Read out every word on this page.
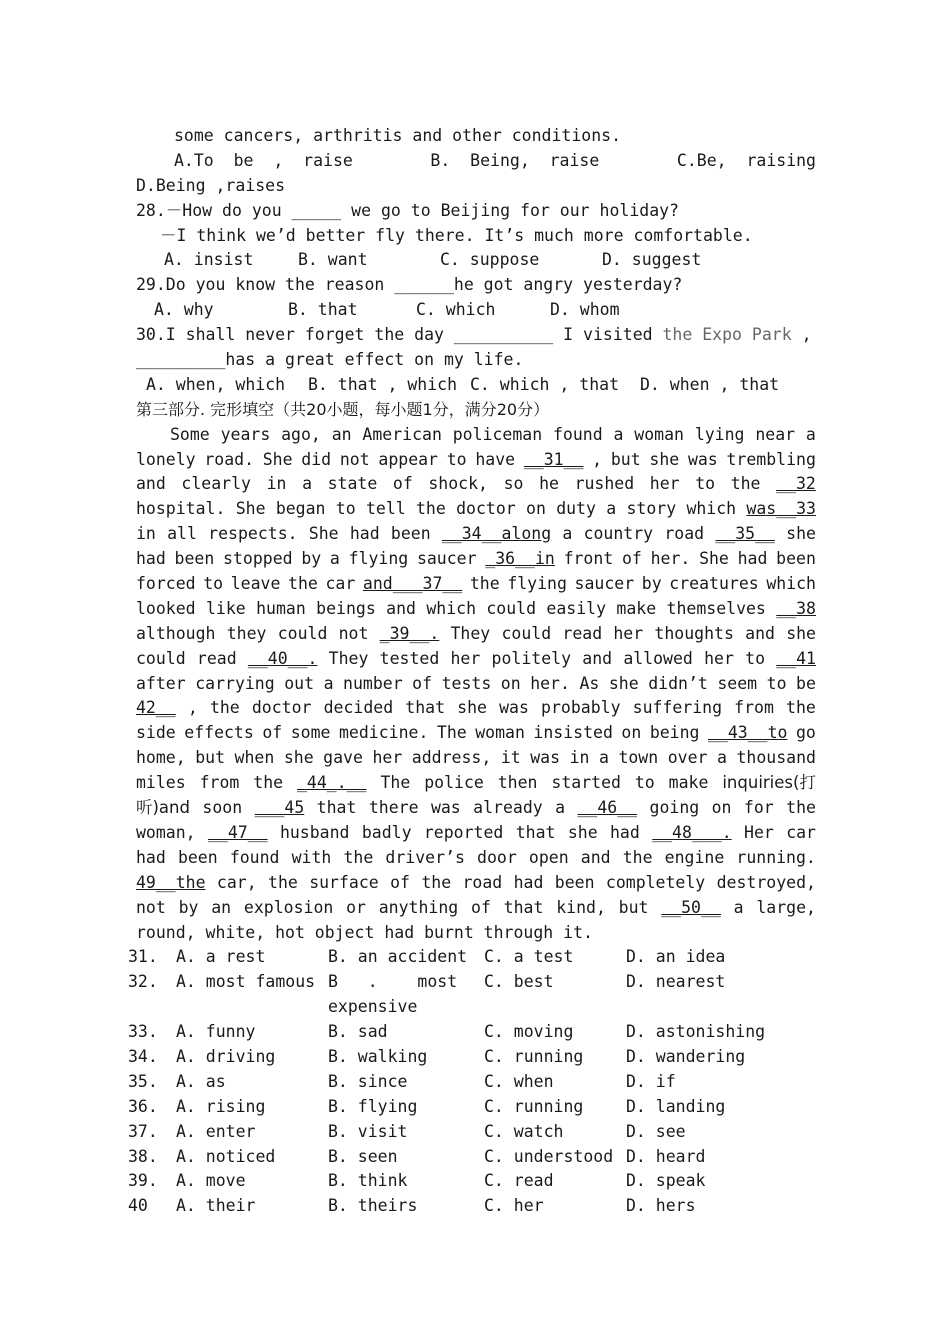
some cancers, arthritis and other conditions.
A.To  be  ,  raise	B.  Being,  raise	C.Be,  raising
D.Being ,raises
28.－How do you _____ we go to Beijing for our holiday?
－I think we’d better fly there. It’s much more comfortable.
A. insist	B. want	C. suppose	D. suggest
29.Do you know the reason ______he got angry yesterday?
A. why	B. that	C. which	D. whom
30.I shall never forget the day __________ I visited the Expo Park ,
_________has a great effect on my life.
A. when, which B. that , which C. which , that D. when , that
第三部分. 完形填空（共20小题，每小题1分，满分20分）
Some years ago, an American policeman found a woman lying near a
lonely road. She did not appear to have __31__ , but she was trembling
and clearly in a state of shock, so he rushed her to the __32
hospital. She began to tell the doctor on duty a story which was__33
in all respects. She had been __34__along a country road __35__ she
had been stopped by a flying saucer _36__in front of her. She had been
forced to leave the car and___37__ the flying saucer by creatures which
looked like human beings and which could easily make themselves __38
although they could not _39__. They could read her thoughts and she
could read __40__. They tested her politely and allowed her to __41
after carrying out a number of tests on her. As she didn’t seem to be
42__ , the doctor decided that she was probably suffering from the
side effects of some medicine. The woman insisted on being __43__to go
home, but when she gave her address, it was in a town over a thousand
miles from the _44_.__ The police then started to make inquiries(打
听)and soon ___45 that there was already a __46__ going on for the
woman, __47__ husband badly reported that she had __48___. Her car
had been found with the driver’s door open and the engine running.
49__the car, the surface of the road had been completely destroyed,
not by an explosion or anything of that kind, but __50__ a large,
round, white, hot object had burnt through it.
31.	A. a rest	B. an accident	C. a test	D. an idea
32.	A. most famous B   .    most	C. best	D. nearest
expensive
33.	A. funny	B. sad	C. moving	D. astonishing
34.	A. driving	B. walking	C. running	D. wandering
35.	A. as	B. since	C. when	D. if
36.	A. rising	B. flying	C. running	D. landing
37.	A. enter	B. visit	C. watch	D. see
38.	A. noticed	B. seen	C. understood D. heard
39.	A. move	B. think	C. read	D. speak
40	A. their	B. theirs	C. her	D. hers
